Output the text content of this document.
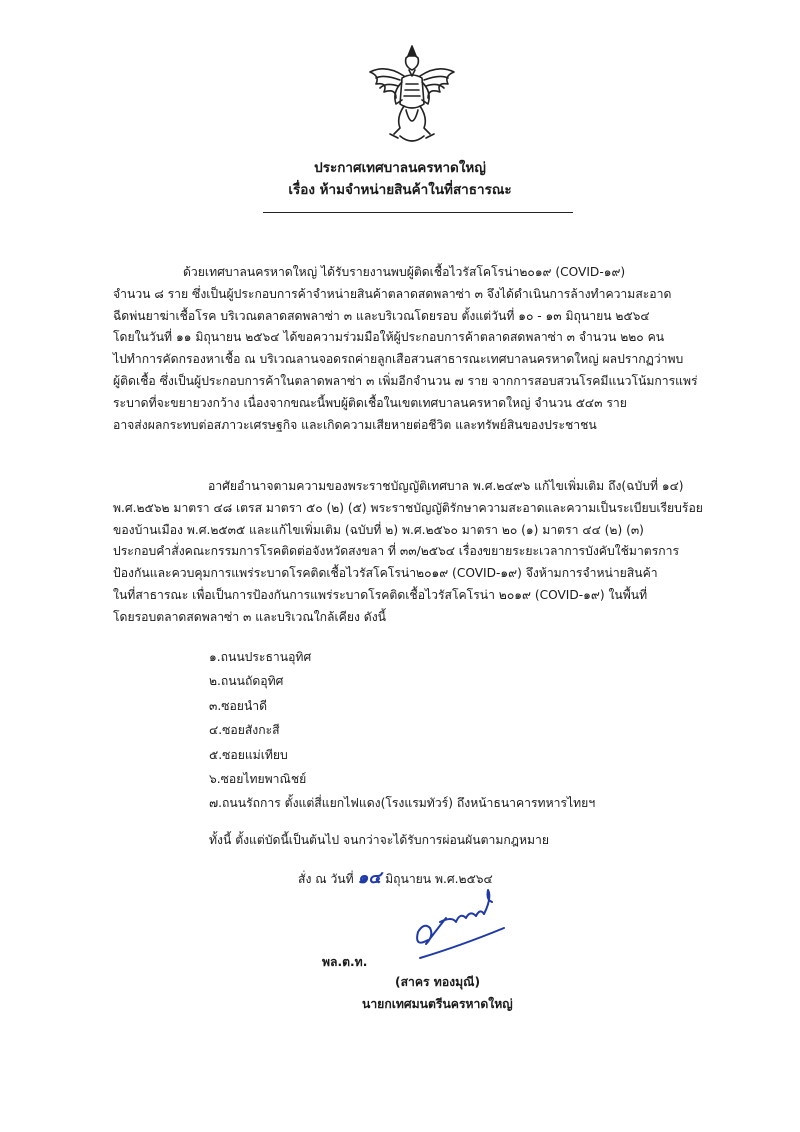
ประกาศเทศบาลนครหาดใหญ่
เรื่อง ห้ามจำหน่ายสินค้าในที่สาธารณะ

ด้วยเทศบาลนครหาดใหญ่ ได้รับรายงานพบผู้ติดเชื้อไวรัสโคโรน่า๒๐๑๙ (COVID-๑๙)
จำนวน ๘ ราย ซึ่งเป็นผู้ประกอบการค้าจำหน่ายสินค้าตลาดสดพลาซ่า ๓ จึงได้ดำเนินการล้างทำความสะอาด
ฉีดพ่นยาฆ่าเชื้อโรค บริเวณตลาดสดพลาซ่า ๓ และบริเวณโดยรอบ ตั้งแต่วันที่ ๑๐ - ๑๓ มิถุนายน ๒๕๖๔
โดยในวันที่ ๑๑ มิถุนายน ๒๕๖๔ ได้ขอความร่วมมือให้ผู้ประกอบการค้าตลาดสดพลาซ่า ๓ จำนวน ๒๒๐ คน
ไปทำการคัดกรองหาเชื้อ ณ บริเวณลานจอดรถค่ายลูกเสือสวนสาธารณะเทศบาลนครหาดใหญ่ ผลปรากฏว่าพบ
ผู้ติดเชื้อ ซึ่งเป็นผู้ประกอบการค้าในตลาดพลาซ่า ๓ เพิ่มอีกจำนวน ๗ ราย จากการสอบสวนโรคมีแนวโน้มการแพร่
ระบาดที่จะขยายวงกว้าง เนื่องจากขณะนี้พบผู้ติดเชื้อในเขตเทศบาลนครหาดใหญ่ จำนวน ๕๔๓ ราย
อาจส่งผลกระทบต่อสภาวะเศรษฐกิจ และเกิดความเสียหายต่อชีวิต และทรัพย์สินของประชาชน

อาศัยอำนาจตามความของพระราชบัญญัติเทศบาล พ.ศ.๒๔๙๖ แก้ไขเพิ่มเติม ถึง(ฉบับที่ ๑๔)
พ.ศ.๒๕๖๒ มาตรา ๔๘ เตรส มาตรา ๕๐ (๒) (๕) พระราชบัญญัติรักษาความสะอาดและความเป็นระเบียบเรียบร้อย
ของบ้านเมือง พ.ศ.๒๕๓๕ และแก้ไขเพิ่มเติม (ฉบับที่ ๒) พ.ศ.๒๕๖๐ มาตรา ๒๐ (๑) มาตรา ๔๔ (๒) (๓)
ประกอบคำสั่งคณะกรรมการโรคติดต่อจังหวัดสงขลา ที่ ๓๓/๒๕๖๔ เรื่องขยายระยะเวลาการบังคับใช้มาตรการ
ป้องกันและควบคุมการแพร่ระบาดโรคติดเชื้อไวรัสโคโรน่า๒๐๑๙ (COVID-๑๙) จึงห้ามการจำหน่ายสินค้า
ในที่สาธารณะ เพื่อเป็นการป้องกันการแพร่ระบาดโรคติดเชื้อไวรัสโคโรน่า ๒๐๑๙ (COVID-๑๙) ในพื้นที่
โดยรอบตลาดสดพลาซ่า ๓ และบริเวณใกล้เคียง ดังนี้

๑.ถนนประธานอุทิศ
๒.ถนนถัดอุทิศ
๓.ซอยนำดี
๔.ซอยสังกะสี
๕.ซอยแม่เทียบ
๖.ซอยไทยพาณิชย์
๗.ถนนรัถการ ตั้งแต่สี่แยกไฟแดง(โรงแรมทัวร์) ถึงหน้าธนาคารทหารไทยฯ
ทั้งนี้ ตั้งแต่บัดนี้เป็นต้นไป จนกว่าจะได้รับการผ่อนผันตามกฎหมาย
สั่ง ณ วันที่ ๑๔ มิถุนายน พ.ศ.๒๕๖๔
พล.ต.ท.
(สาคร ทองมุณี)
นายกเทศมนตรีนครหาดใหญ่
